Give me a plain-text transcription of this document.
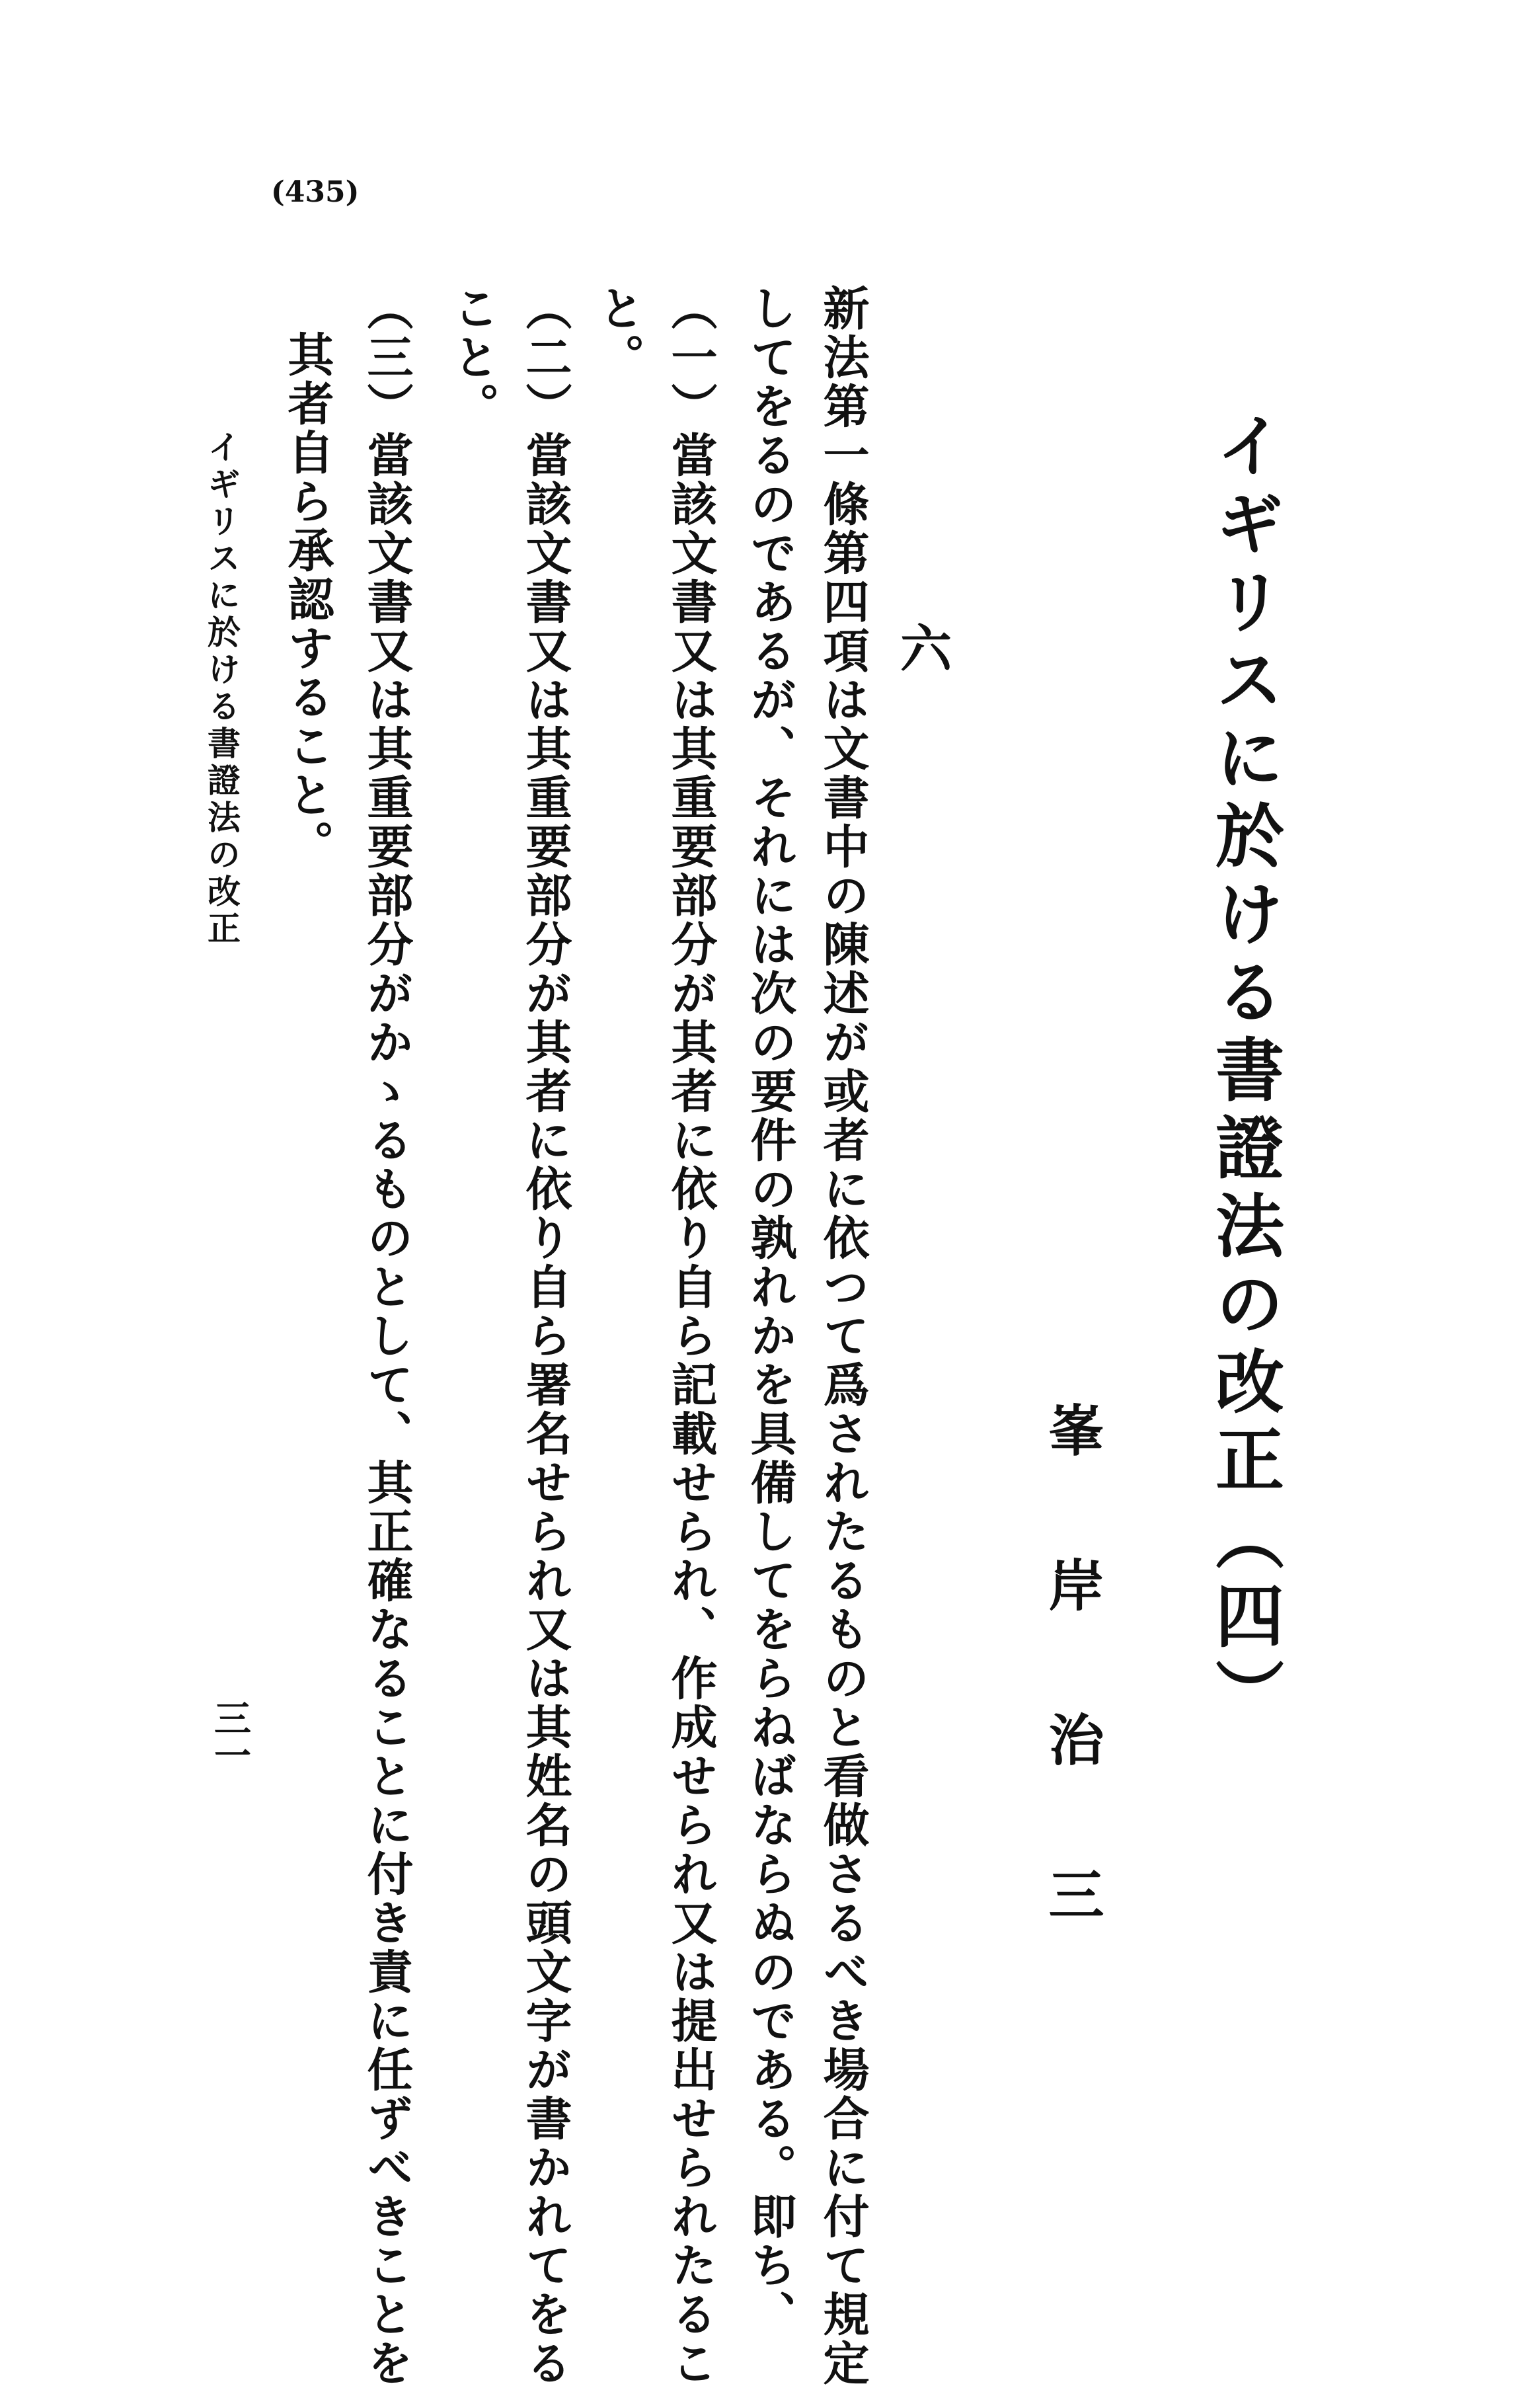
(435)
イギリスに於ける書證法の改正（四）
峯岸治三
六
新法第一條第四項は文書中の陳述が或者に依つて爲されたるものと看做さるべき場合に付て規定
してをるのであるが、それには次の要件の孰れかを具備してをらねばならぬのである。即ち、
（一）當該文書又は其重要部分が其者に依り自ら記載せられ、作成せられ又は提出せられたるこ
と。
（二）當該文書又は其重要部分が其者に依り自ら署名せられ又は其姓名の頭文字が書かれてをる
こと。
（三）當該文書又は其重要部分がかゝるものとして、其正確なることに付き責に任ずべきことを
其者自ら承認すること。
イギリスに於ける書證法の改正
三一
